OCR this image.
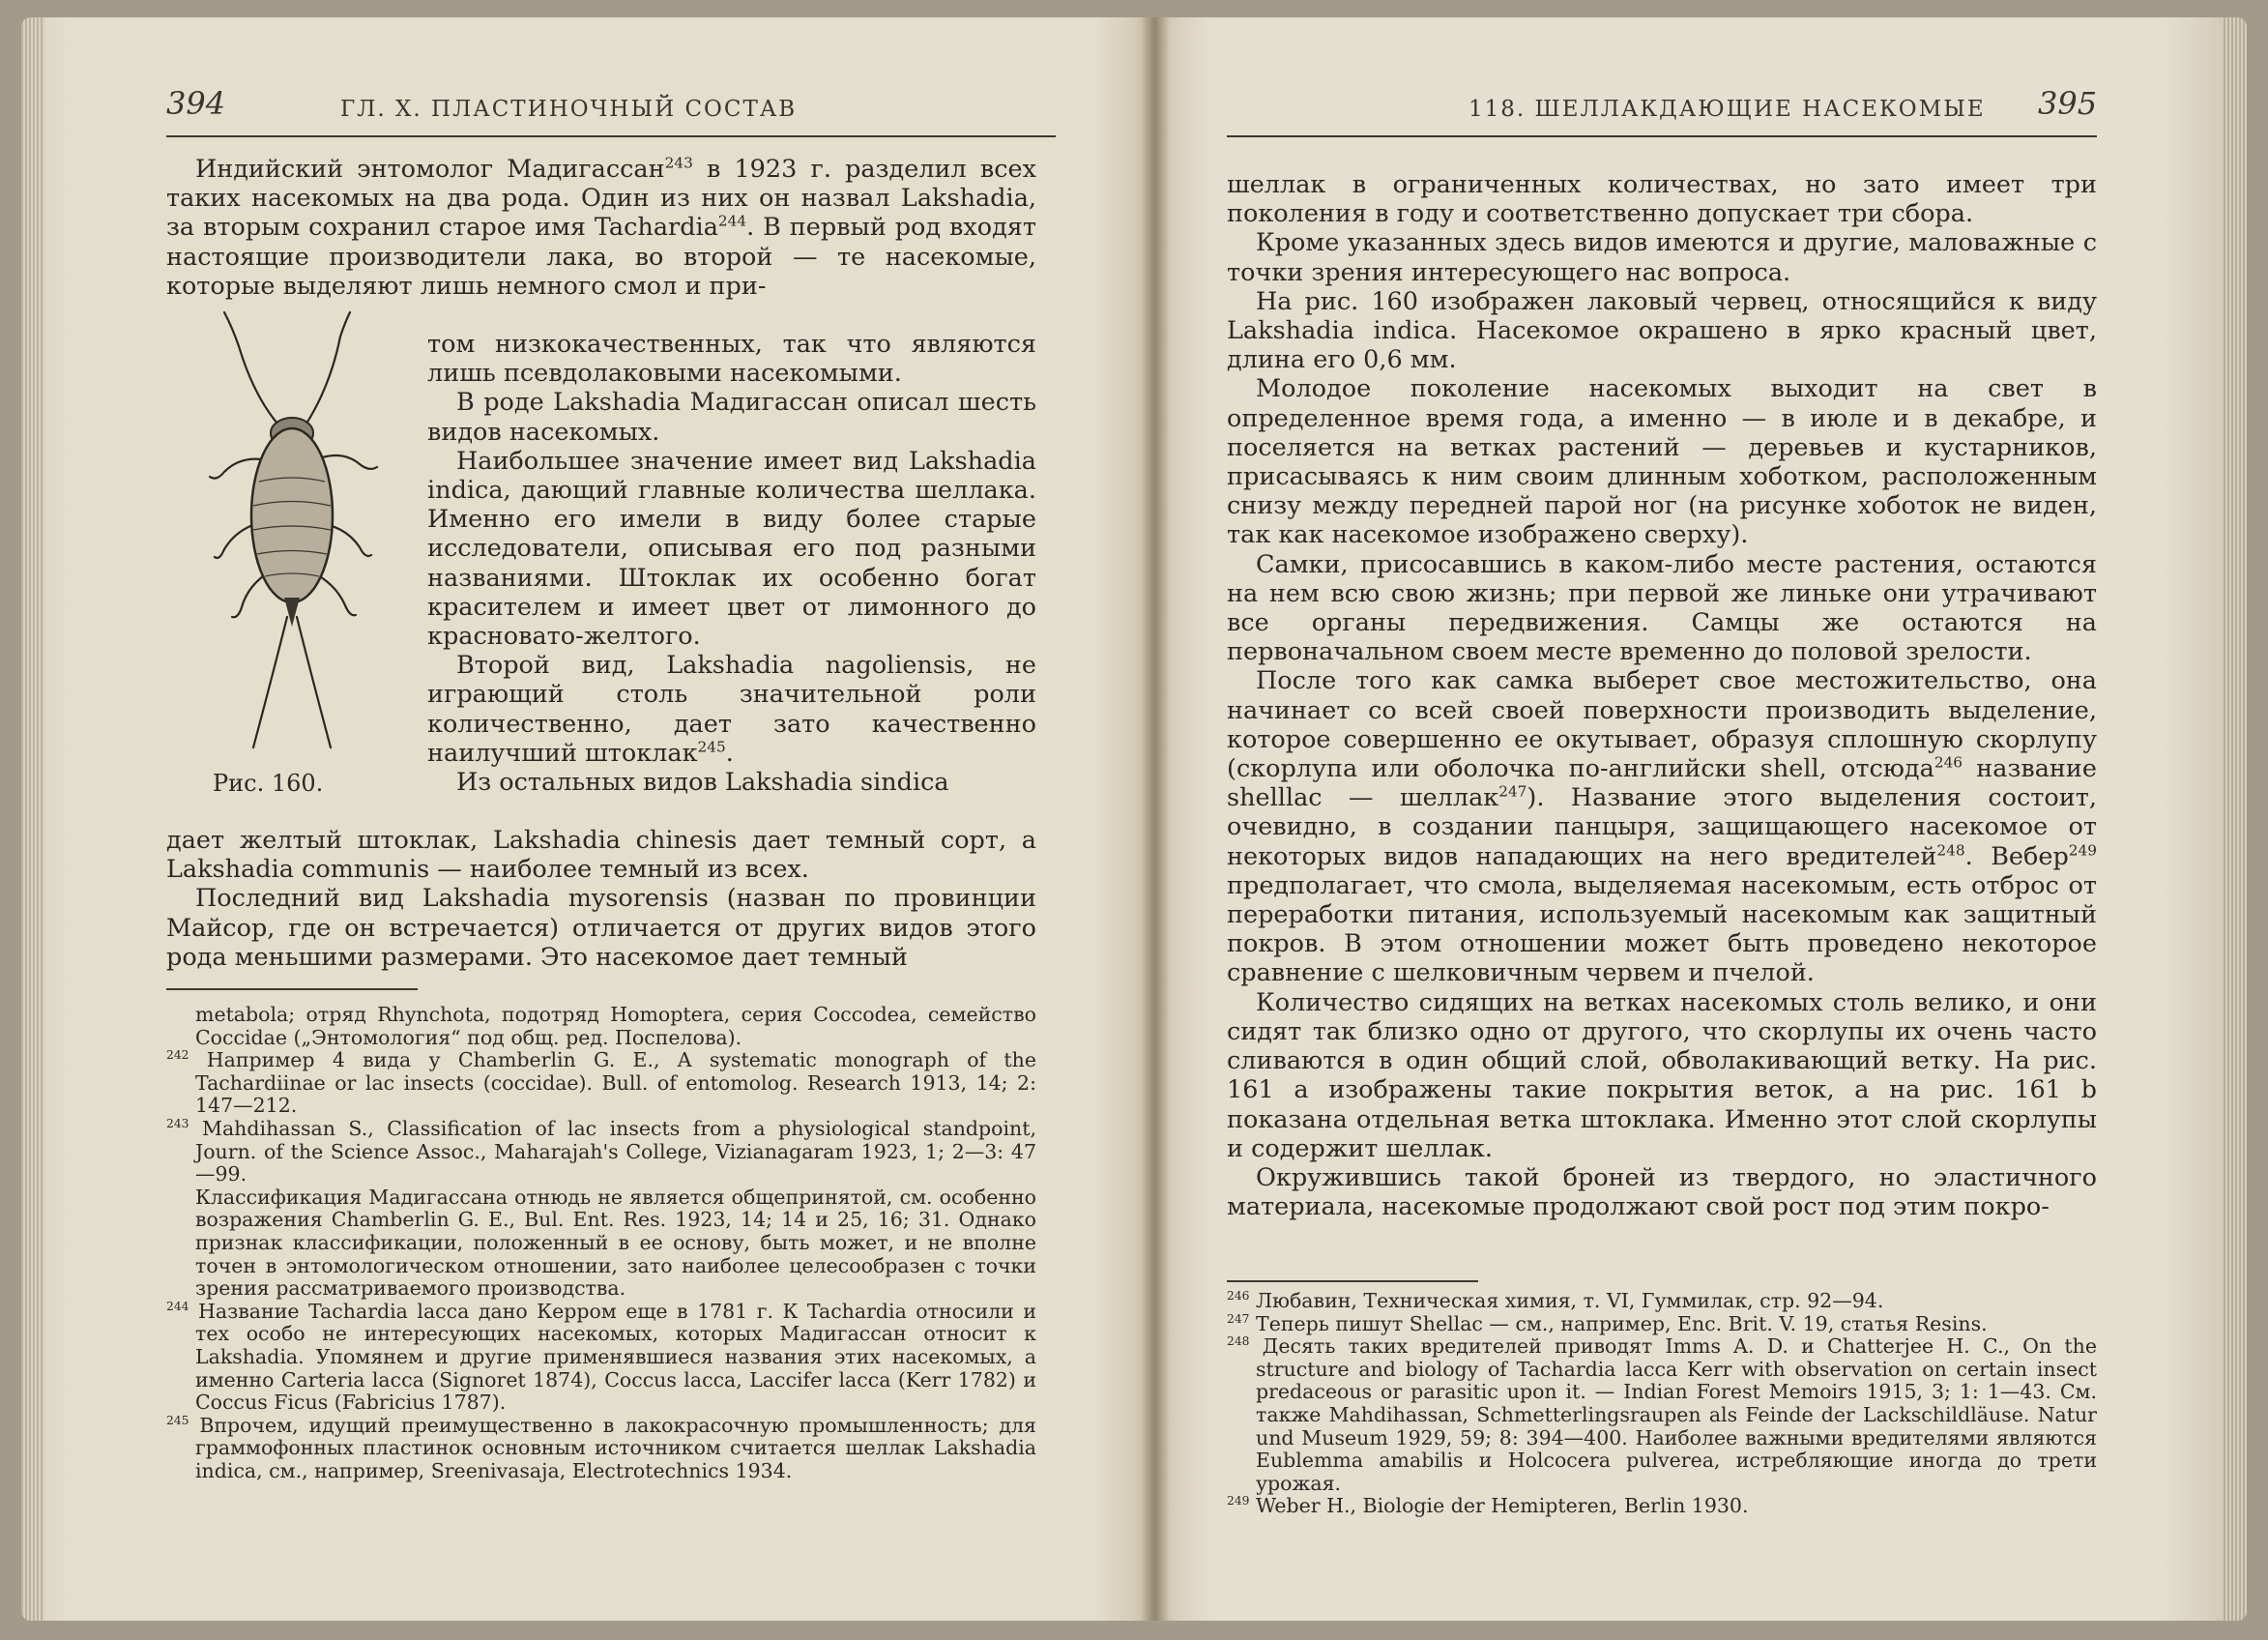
394	ГЛ. X. ПЛАСТИНОЧНЫЙ СОСТАВ

Индийский энтомолог Мадигассан$^{243}$ в 1923 г. разделил всех таких насекомых на два рода. Один из них он назвал Lakshadia, за вторым сохранил старое имя Tachardia$^{244}$. В первый род входят настоящие производители лака, во второй — те насекомые, которые выделяют лишь немного смол и при-

Рис. 160.

том низкокачественных, так что являются лишь псевдолаковыми насекомыми.

В роде Lakshadia Мадигассан описал шесть видов насекомых.

Наибольшее значение имеет вид Lakshadia indica, дающий главные количества шеллака. Именно его имели в виду более старые исследователи, описывая его под разными названиями. Штоклак их особенно богат красителем и имеет цвет от лимонного до красновато-желтого.

Второй вид, Lakshadia nagoliensis, не играющий столь значительной роли количественно, дает зато качественно наилучший штоклак$^{245}$.

Из остальных видов Lakshadia sindica

дает желтый штоклак, Lakshadia chinesis дает темный сорт, a Lakshadia communis — наиболее темный из всех.

Последний вид Lakshadia mysorensis (назван по провинции Майсор, где он встречается) отличается от других видов этого рода меньшими размерами. Это насекомое дает темный

metabola; отряд Rhynchota, подотряд Homoptera, серия Coccodea, семейство Coccidae („Энтомология“ под общ. ред. Поспелова).

$^{242}$ Например 4 вида у Chamberlin G. E., A systematic monograph of the Tachardiinae or lac insects (coccidae). Bull. of entomolog. Research 1913, 14; 2: 147—212.

$^{243}$ Mahdihassan S., Classification of lac insects from a physiological standpoint, Journ. of the Science Assoc., Maharajah's College, Vizianagaram 1923, 1; 2—3: 47—99.

Классификация Мадигассана отнюдь не является общепринятой, см. особенно возражения Chamberlin G. E., Bul. Ent. Res. 1923, 14; 14 и 25, 16; 31. Однако признак классификации, положенный в ее основу, быть может, и не вполне точен в энтомологическом отношении, зато наиболее целесообразен с точки зрения рассматриваемого производства.

$^{244}$ Название Tachardia lacca дано Керром еще в 1781 г. К Tachardia относили и тех особо не интересующих насекомых, которых Мадигассан относит к Lakshadia. Упомянем и другие применявшиеся названия этих насекомых, а именно Carteria lacca (Signoret 1874), Coccus lacca, Laccifer lacca (Kerr 1782) и Coccus Ficus (Fabricius 1787).

$^{245}$ Впрочем, идущий преимущественно в лакокрасочную промышленность; для граммофонных пластинок основным источником считается шеллак Lakshadia indica, см., например, Sreenivasaja, Electrotechnics 1934.

118. ШЕЛЛАКДАЮЩИЕ НАСЕКОМЫЕ 395

шеллак в ограниченных количествах, но зато имеет три поколения в году и соответственно допускает три сбора.

Кроме указанных здесь видов имеются и другие, маловажные с точки зрения интересующего нас вопроса.

На рис. 160 изображен лаковый червец, относящийся к виду Lakshadia indica. Насекомое окрашено в ярко красный цвет, длина его 0,6 мм.

Молодое поколение насекомых выходит на свет в определенное время года, а именно — в июле и в декабре, и поселяется на ветках растений — деревьев и кустарников, присасываясь к ним своим длинным хоботком, расположенным снизу между передней парой ног (на рисунке хоботок не виден, так как насекомое изображено сверху).

Самки, присосавшись в каком-либо месте растения, остаются на нем всю свою жизнь; при первой же линьке они утрачивают все органы передвижения. Самцы же остаются на первоначальном своем месте временно до половой зрелости.

После того как самка выберет свое местожительство, она начинает со всей своей поверхности производить выделение, которое совершенно ее окутывает, образуя сплошную скорлупу (скорлупа или оболочка по-английски shell, отсюда$^{246}$ название shelllac — шеллак$^{247}$). Название этого выделения состоит, очевидно, в создании панцыря, защищающего насекомое от некоторых видов нападающих на него вредителей$^{248}$. Вебер$^{249}$ предполагает, что смола, выделяемая насекомым, есть отброс от переработки питания, используемый насекомым как защитный покров. В этом отношении может быть проведено некоторое сравнение с шелковичным червем и пчелой.

Количество сидящих на ветках насекомых столь велико, и они сидят так близко одно от другого, что скорлупы их очень часто сливаются в один общий слой, обволакивающий ветку. На рис. 161 a изображены такие покрытия веток, а на рис. 161 b показана отдельная ветка штоклака. Именно этот слой скорлупы и содержит шеллак.

Окружившись такой броней из твердого, но эластичного материала, насекомые продолжают свой рост под этим покро-

$^{246}$ Любавин, Техническая химия, т. VI, Гуммилак, стр. 92—94.

$^{247}$ Теперь пишут Shellac — см., например, Enc. Brit. V. 19, статья Resins.

$^{248}$ Десять таких вредителей приводят Imms A. D. и Chatterjee H. C., On the structure and biology of Tachardia lacca Kerr with observation on certain insect predaceous or parasitic upon it. — Indian Forest Memoirs 1915, 3; 1: 1—43. См. также Mahdihassan, Schmetterlingsraupen als Feinde der Lackschildläuse. Natur und Museum 1929, 59; 8: 394—400. Наиболее важными вредителями являются Eublemma amabilis и Holcocera pulverea, истребляющие иногда до трети урожая.

$^{249}$ Weber H., Biologie der Hemipteren, Berlin 1930.
